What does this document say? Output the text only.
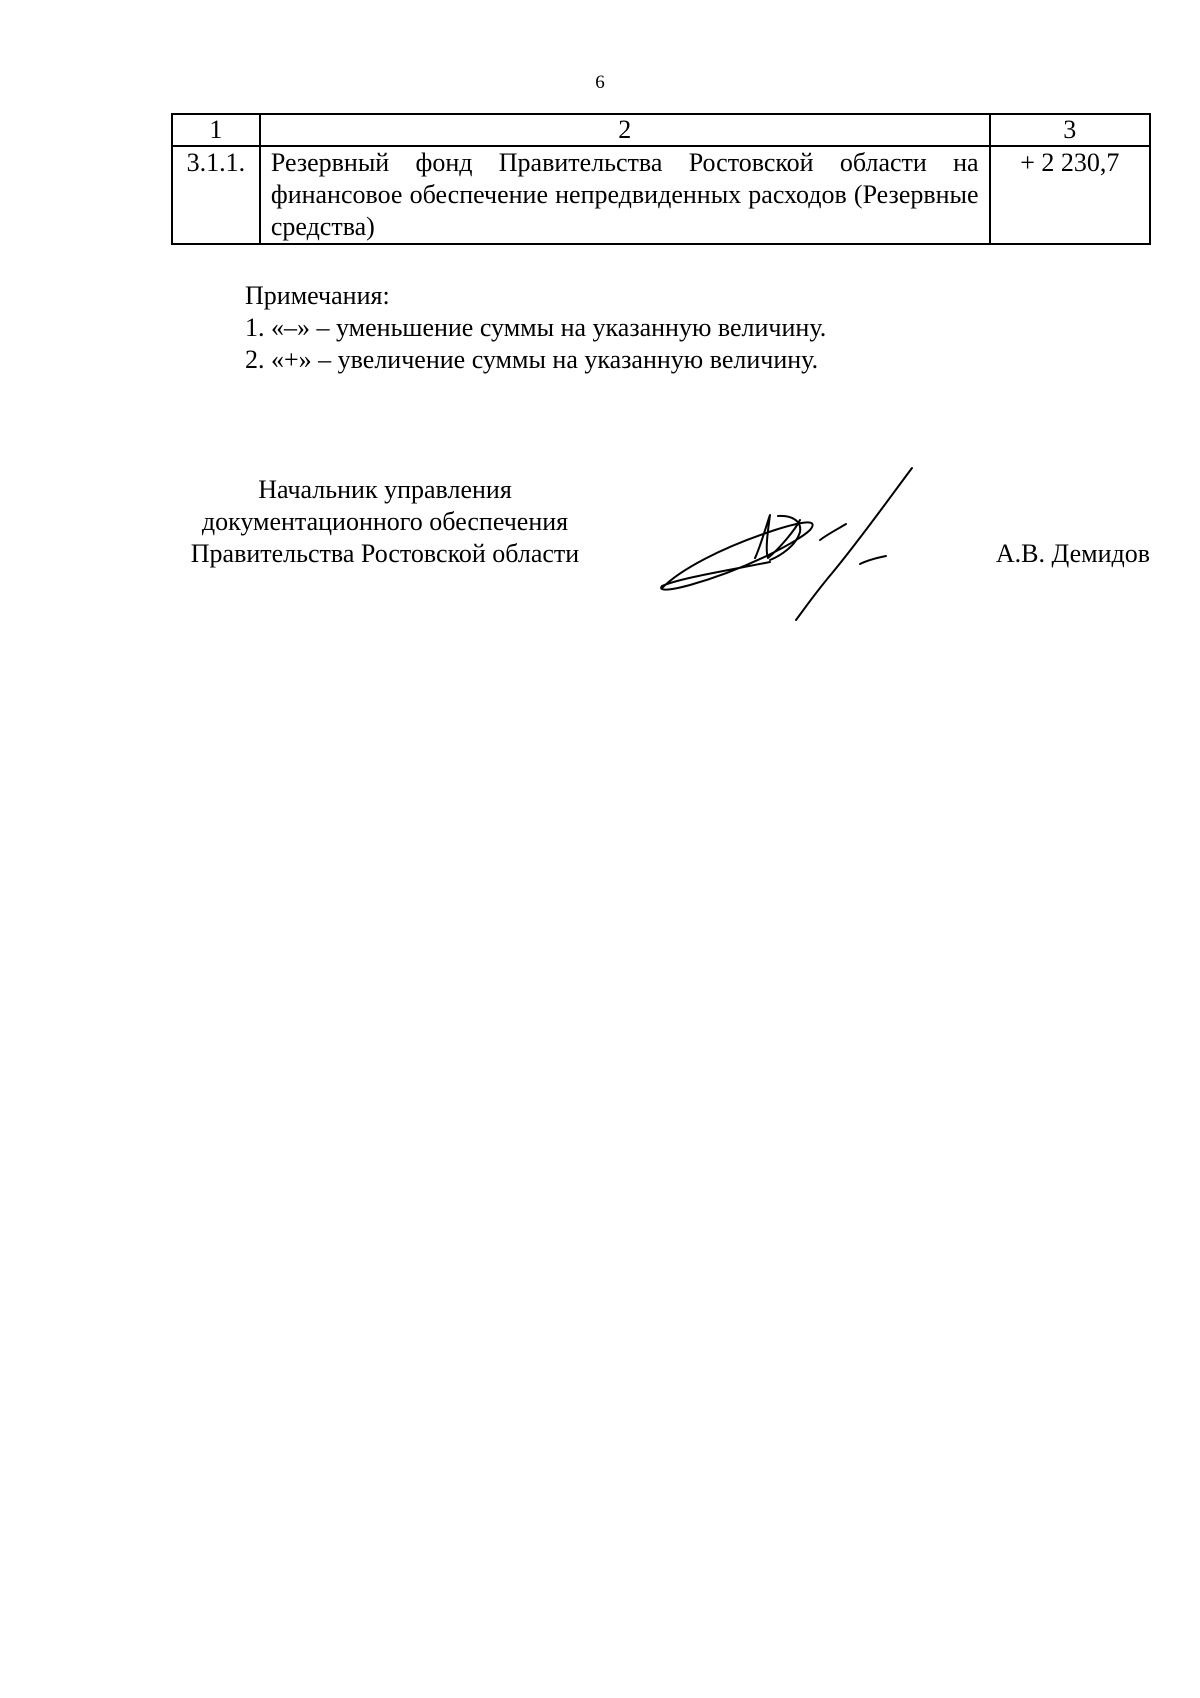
6
1	2	3
3.1.1.	Резервный фонд Правительства Ростовской области на финансовое обеспечение непредвиденных расходов (Резервные средства)	+ 2 230,7
Примечания:
1. «–» – уменьшение суммы на указанную величину.
2. «+» – увеличение суммы на указанную величину.
Начальник управления
документационного обеспечения
Правительства Ростовской области	А.В. Демидов
